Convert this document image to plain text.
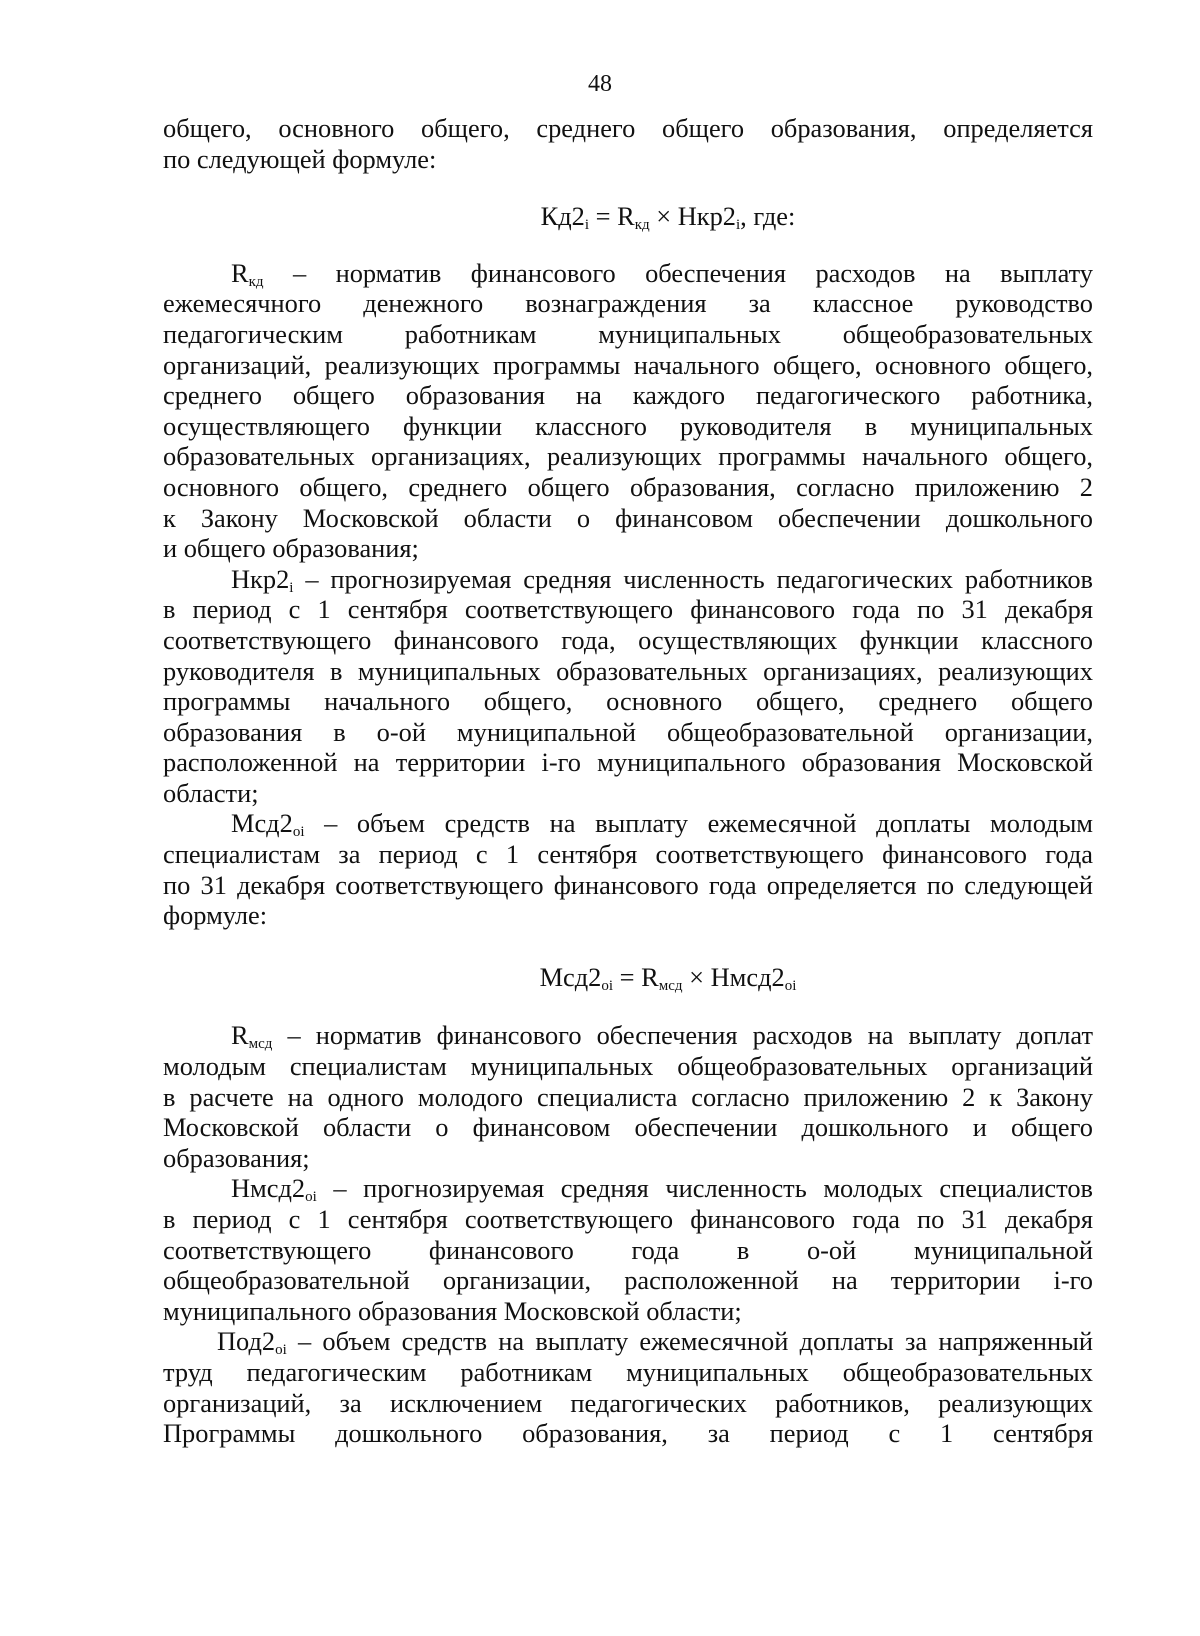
48
общего, основного общего, среднего общего образования, определяется
по следующей формуле:
$Кд2_i = R_{кд} \times Нкр2_i$, где:
$R_{кд}$ – норматив финансового обеспечения расходов на выплату
ежемесячного денежного вознаграждения за классное руководство
педагогическим работникам муниципальных общеобразовательных
организаций, реализующих программы начального общего, основного общего,
среднего общего образования на каждого педагогического работника,
осуществляющего функции классного руководителя в муниципальных
образовательных организациях, реализующих программы начального общего,
основного общего, среднего общего образования, согласно приложению 2
к Закону Московской области о финансовом обеспечении дошкольного
и общего образования;
$Нкр2_i$ – прогнозируемая средняя численность педагогических работников
в период с 1 сентября соответствующего финансового года по 31 декабря
соответствующего финансового года, осуществляющих функции классного
руководителя в муниципальных образовательных организациях, реализующих
программы начального общего, основного общего, среднего общего
образования в о-ой муниципальной общеобразовательной организации,
расположенной на территории i-го муниципального образования Московской
области;
$Мсд2_{oi}$ – объем средств на выплату ежемесячной доплаты молодым
специалистам за период с 1 сентября соответствующего финансового года
по 31 декабря соответствующего финансового года определяется по следующей
формуле:
$Мсд2_{oi} = R_{мсд}$ × $Нмсд2_{oi}$
$R_{мсд}$ – норматив финансового обеспечения расходов на выплату доплат
молодым специалистам муниципальных общеобразовательных организаций
в расчете на одного молодого специалиста согласно приложению 2 к Закону
Московской области о финансовом обеспечении дошкольного и общего
образования;
$Нмсд2_{oi}$ – прогнозируемая средняя численность молодых специалистов
в период с 1 сентября соответствующего финансового года по 31 декабря
соответствующего финансового года в о-ой муниципальной
общеобразовательной организации, расположенной на территории i-го
муниципального образования Московской области;
$Под2_{oi}$ – объем средств на выплату ежемесячной доплаты за напряженный
труд педагогическим работникам муниципальных общеобразовательных
организаций, за исключением педагогических работников, реализующих
Программы дошкольного образования, за период с 1 сентября
